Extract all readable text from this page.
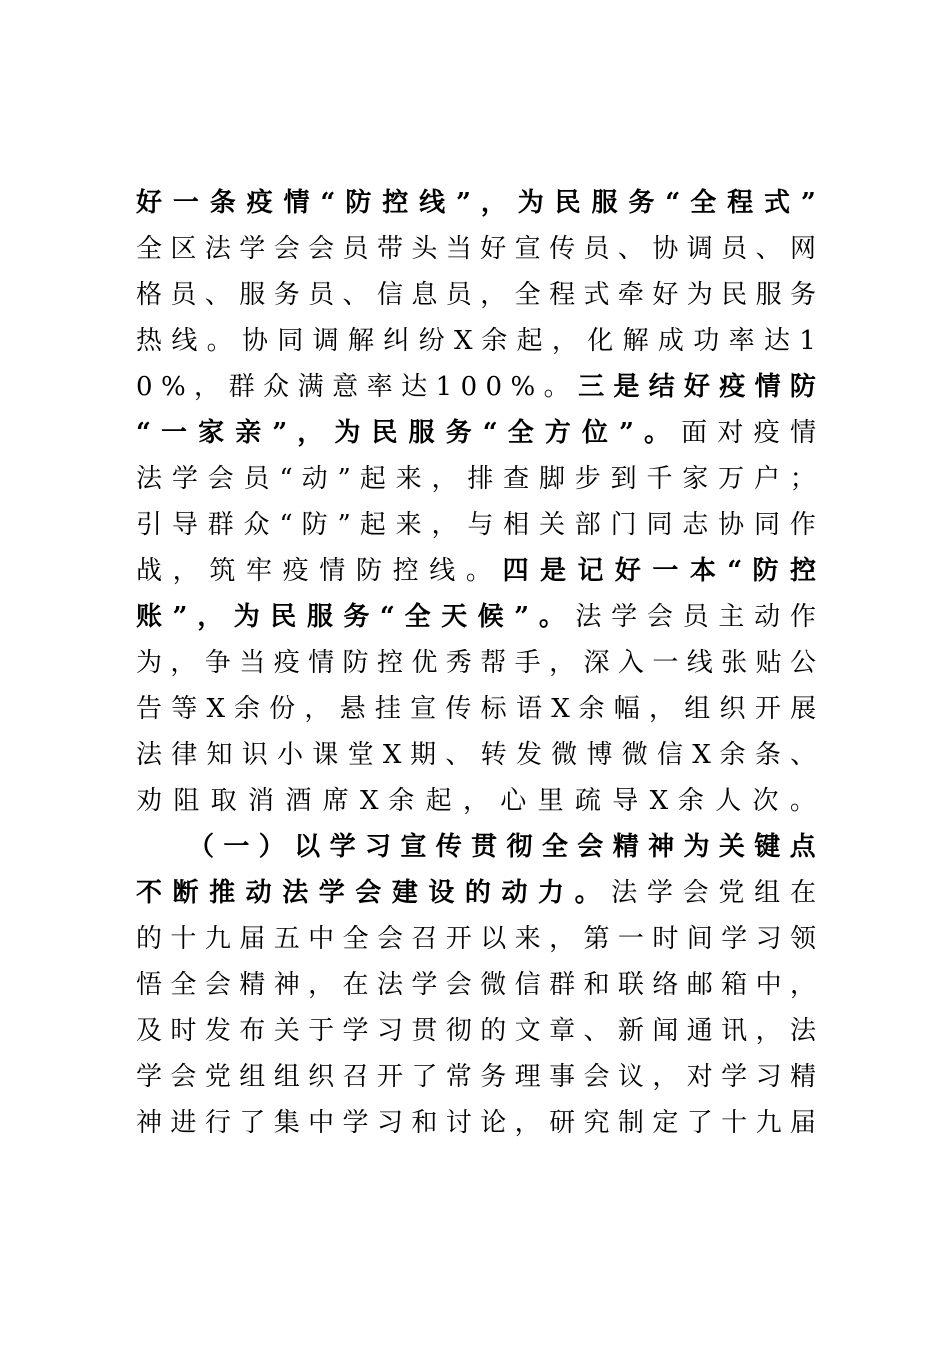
好 一 条 疫 情 “ 防 控 线 ” ， 为 民 服 务 “ 全 程 式 ”
全 区 法 学 会 会 员 带 头 当 好 宣 传 员 、 协 调 员 、 网
格 员 、 服 务 员 、 信 息 员 ， 全 程 式 牵 好 为 民 服 务
热 线 。 协 同 调 解 纠 纷 X 余 起 ， 化 解 成 功 率 达 1
0 % ， 群 众 满 意 率 达 1 0 0 % 。 三 是 结 好 疫 情 防
“ 一 家 亲 ” ， 为 民 服 务 “ 全 方 位 ” 。 面 对 疫 情
法 学 会 员 “ 动 ” 起 来 ， 排 查 脚 步 到 千 家 万 户 ；
引 导 群 众 “ 防 ” 起 来 ， 与 相 关 部 门 同 志 协 同 作
战 ， 筑 牢 疫 情 防 控 线 。 四 是 记 好 一 本 “ 防 控
账 ” ， 为 民 服 务 “ 全 天 候 ” 。 法 学 会 员 主 动 作
为 ， 争 当 疫 情 防 控 优 秀 帮 手 ， 深 入 一 线 张 贴 公
告 等 X 余 份 ， 悬 挂 宣 传 标 语 X 余 幅 ， 组 织 开 展
法 律 知 识 小 课 堂 X 期 、 转 发 微 博 微 信 X 余 条 、
劝 阻 取 消 酒 席 X 余 起 ， 心 里 疏 导 X 余 人 次 。
（ 一 ） 以 学 习 宣 传 贯 彻 全 会 精 神 为 关 键 点
不 断 推 动 法 学 会 建 设 的 动 力 。 法 学 会 党 组 在
的 十 九 届 五 中 全 会 召 开 以 来 ， 第 一 时 间 学 习 领
悟 全 会 精 神 ， 在 法 学 会 微 信 群 和 联 络 邮 箱 中 ，
及 时 发 布 关 于 学 习 贯 彻 的 文 章 、 新 闻 通 讯 ， 法
学 会 党 组 组 织 召 开 了 常 务 理 事 会 议 ， 对 学 习 精
神 进 行 了 集 中 学 习 和 讨 论 ， 研 究 制 定 了 十 九 届
